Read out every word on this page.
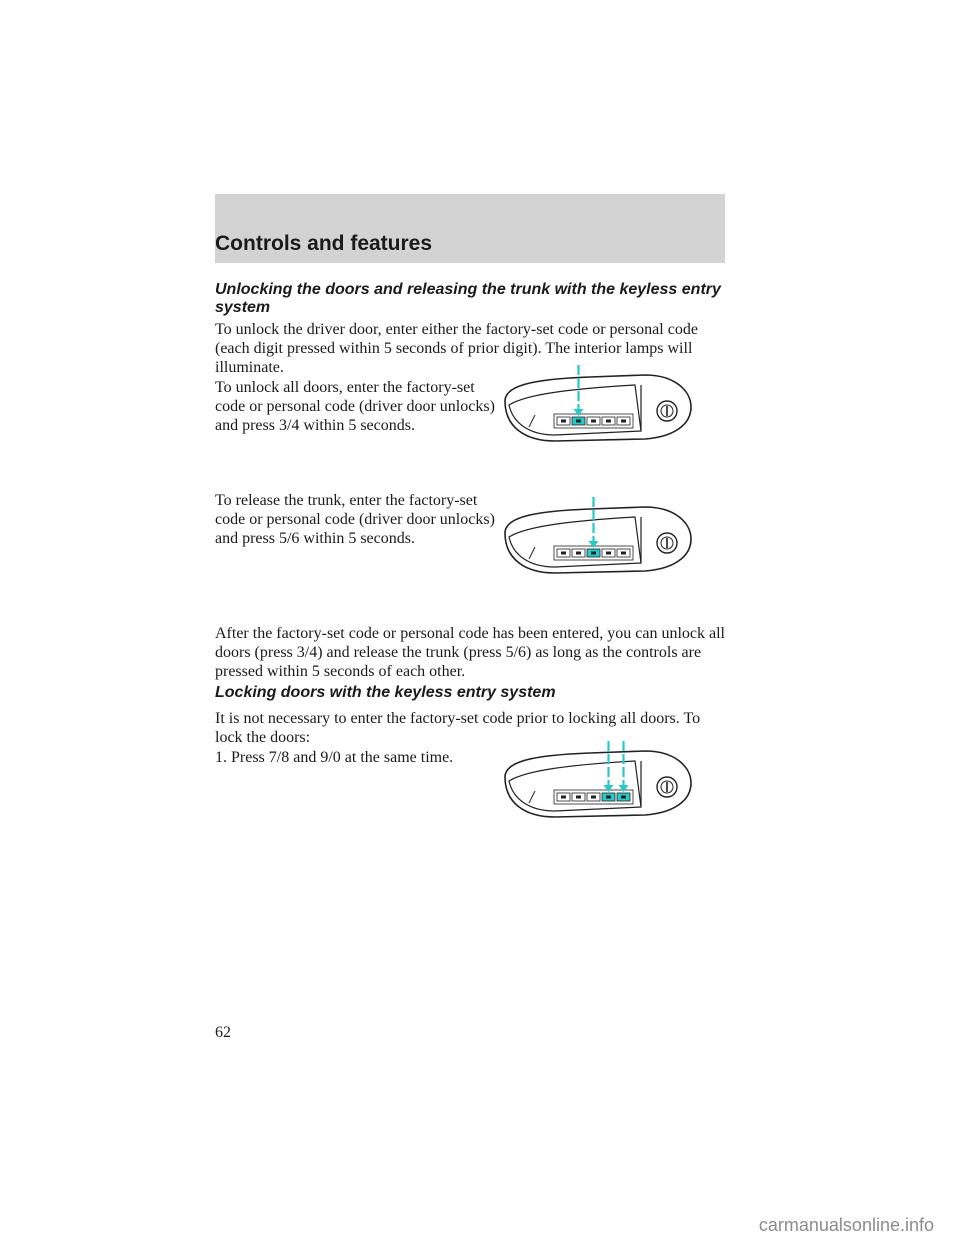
Controls and features
Unlocking the doors and releasing the trunk with the keyless entry
system

To unlock the driver door, enter either the factory-set code or personal code (each digit pressed within 5 seconds of prior digit). The interior lamps will illuminate.

To unlock all doors, enter the factory-set code or personal code (driver door unlocks) and press 3/4 within 5 seconds.

To release the trunk, enter the factory-set code or personal code (driver door unlocks) and press 5/6 within 5 seconds.

After the factory-set code or personal code has been entered, you can unlock all doors (press 3/4) and release the trunk (press 5/6) as long as the controls are pressed within 5 seconds of each other.

Locking doors with the keyless entry system

It is not necessary to enter the factory-set code prior to locking all doors. To lock the doors:

1. Press 7/8 and 9/0 at the same time.

62

carmanualsonline.info
